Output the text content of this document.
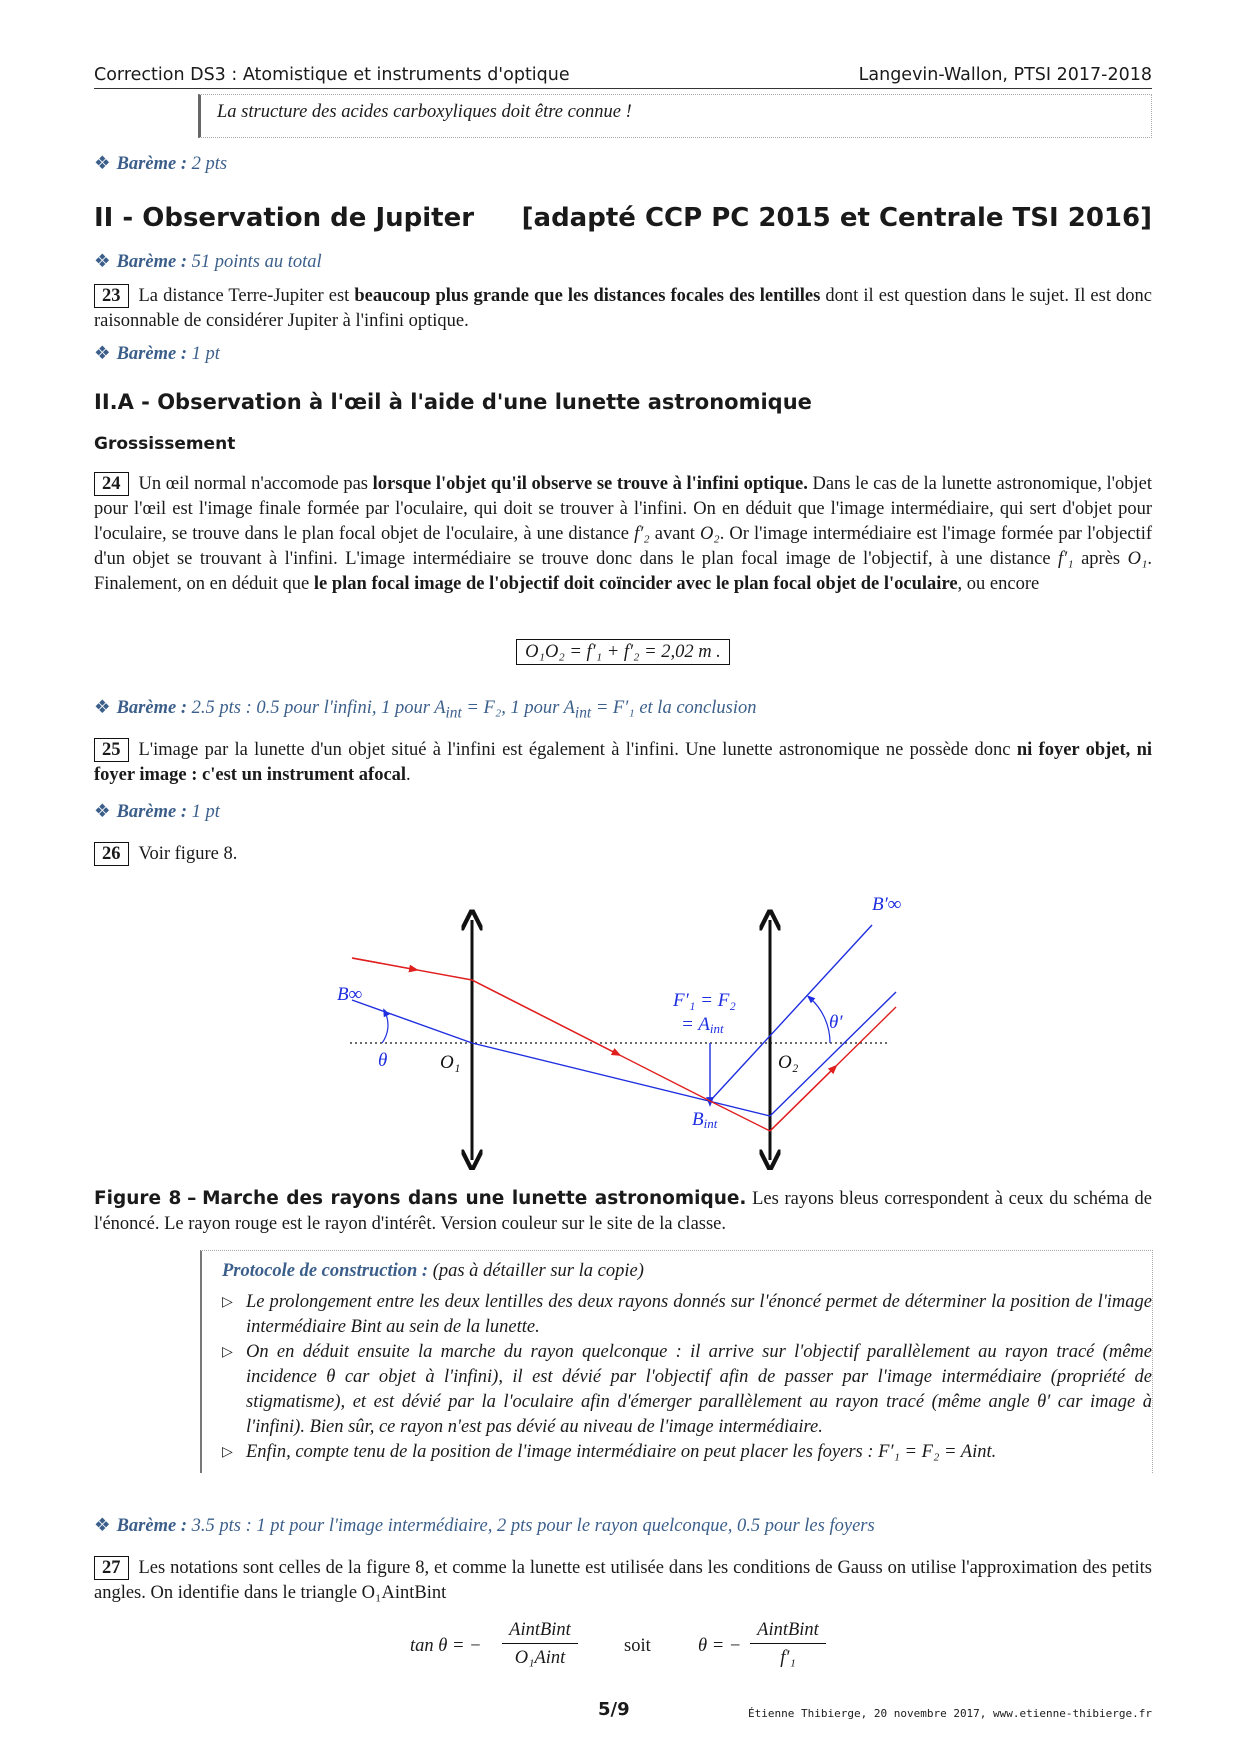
Correction DS3 : Atomistique et instruments d'optique	Langevin-Wallon, PTSI 2017-2018
La structure des acides carboxyliques doit être connue !
❖ Barème : 2 pts
II - Observation de Jupiter [adapté CCP PC 2015 et Centrale TSI 2016]
❖ Barème : 51 points au total
23 La distance Terre-Jupiter est beaucoup plus grande que les distances focales des lentilles dont il est question dans le sujet. Il est donc raisonnable de considérer Jupiter à l'infini optique.
❖ Barème : 1 pt
II.A - Observation à l'œil à l'aide d'une lunette astronomique
Grossissement
24 Un œil normal n'accomode pas lorsque l'objet qu'il observe se trouve à l'infini optique. Dans le cas de la lunette astronomique, l'objet pour l'œil est l'image finale formée par l'oculaire, qui doit se trouver à l'infini. On en déduit que l'image intermédiaire, qui sert d'objet pour l'oculaire, se trouve dans le plan focal objet de l'oculaire, à une distance f′₂ avant O₂. Or l'image intermédiaire est l'image formée par l'objectif d'un objet se trouvant à l'infini. L'image intermédiaire se trouve donc dans le plan focal image de l'objectif, à une distance f′₁ après O₁. Finalement, on en déduit que le plan focal image de l'objectif doit coïncider avec le plan focal objet de l'oculaire, ou encore
O₁O₂ = f′₁ + f′₂ = 2,02 m .
❖ Barème : 2.5 pts : 0.5 pour l'infini, 1 pour $A_{int} = F_2$, 1 pour $A_{int} = F'_1$ et la conclusion
25 L'image par la lunette d'un objet situé à l'infini est également à l'infini. Une lunette astronomique ne possède donc ni foyer objet, ni foyer image : c'est un instrument afocal.
❖ Barème : 1 pt
26 Voir figure 8.
B∞
θ	O₁
F′₁ = F₂
= Aint
Bint
O₂
θ′
B′∞
Figure 8 – Marche des rayons dans une lunette astronomique. Les rayons bleus correspondent à ceux du schéma de l'énoncé. Le rayon rouge est le rayon d'intérêt. Version couleur sur le site de la classe.
Protocole de construction : (pas à détailler sur la copie)
▷ Le prolongement entre les deux lentilles des deux rayons donnés sur l'énoncé permet de déterminer la position de l'image intermédiaire Bint au sein de la lunette.
▷ On en déduit ensuite la marche du rayon quelconque : il arrive sur l'objectif parallèlement au rayon tracé (même incidence θ car objet à l'infini), il est dévié par l'objectif afin de passer par l'image intermédiaire (propriété de stigmatisme), et est dévié par la l'oculaire afin d'émerger parallèlement au rayon tracé (même angle θ′ car image à l'infini). Bien sûr, ce rayon n'est pas dévié au niveau de l'image intermédiaire.
▷ Enfin, compte tenu de la position de l'image intermédiaire on peut placer les foyers : F′₁ = F₂ = Aint.
❖ Barème : 3.5 pts : 1 pt pour l'image intermédiaire, 2 pts pour le rayon quelconque, 0.5 pour les foyers
27 Les notations sont celles de la figure 8, et comme la lunette est utilisée dans les conditions de Gauss on utilise l'approximation des petits angles. On identifie dans le triangle O₁AintBint
tan θ = −
AintBint
O₁Aint
soit	θ = −
AintBint
f′₁
5/9	Étienne Thibierge, 20 novembre 2017, www.etienne-thibierge.fr
